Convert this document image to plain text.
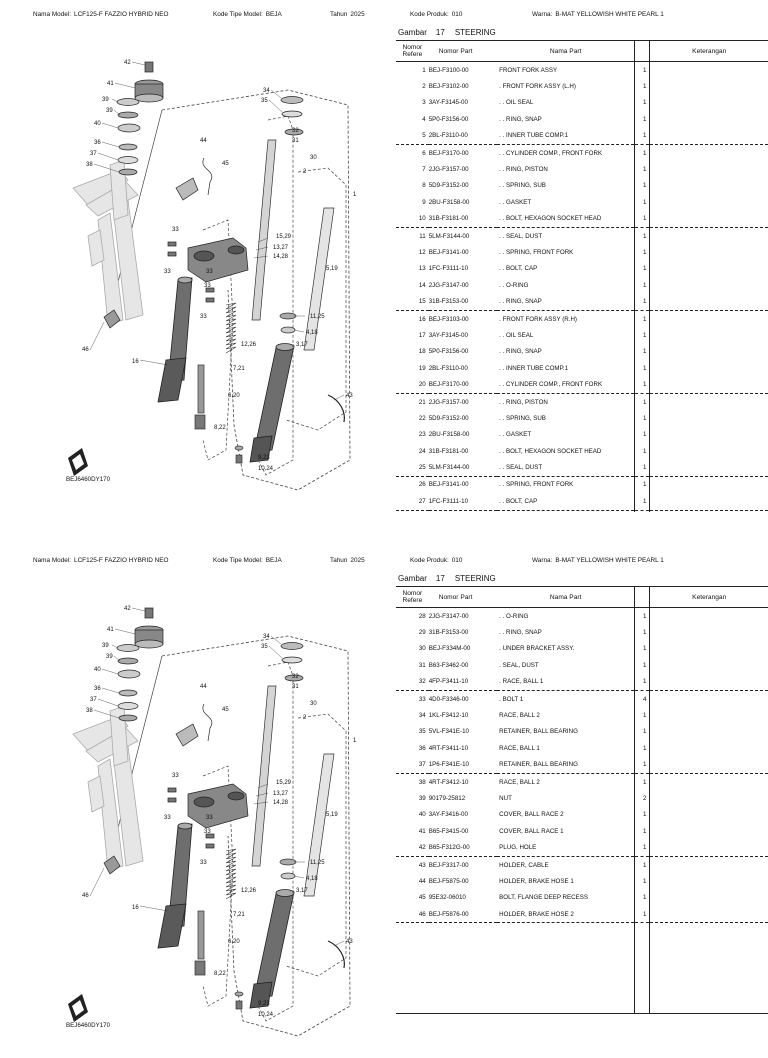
Nama Model: LCF125-F FAZZIO HYBRID NEO	Kode Tipe Model: BEJA	Tahun 2025	Kode Produk: 010	Warna: B-MAT YELLOWISH WHITE PEARL 1
Gambar 17 STEERING
1
2
3,17
4,18
5,19
6,20
7,21
8,22
9,23
10,24
11,25
12,26
13,27
14,28
15,29
16
30
31
32
33
33	33
33
33
34
35
36
37
38
39
39
40
41
42
43
44
45
46
BEJ6460DY170
Nomor
Refere	Nomor Part	Nama Part		Keterangan
1	BEJ-F3100-00	FRONT FORK ASSY	1	
2	BEJ-F3102-00	. FRONT FORK ASSY (L.H)	1	
3	3AY-F3145-00	. . OIL SEAL	1	
4	5P0-F3156-00	. . RING, SNAP	1	
5	2BL-F3110-00	. . INNER TUBE COMP.1	1	
6	BEJ-F3170-00	. . CYLINDER COMP., FRONT FORK	1	
7	2JG-F3157-00	. . RING, PISTON	1	
8	5D9-F3152-00	. . SPRING, SUB	1	
9	2BU-F3158-00	. . GASKET	1	
10	31B-F3181-00	. . BOLT, HEXAGON SOCKET HEAD	1	
11	5LM-F3144-00	. . SEAL, DUST	1	
12	BEJ-F3141-00	. . SPRING, FRONT FORK	1	
13	1FC-F3111-10	. . BOLT, CAP	1	
14	2JG-F3147-00	. . O-RING	1	
15	31B-F3153-00	. . RING, SNAP	1	
16	BEJ-F3103-00	. FRONT FORK ASSY (R.H)	1	
17	3AY-F3145-00	. . OIL SEAL	1	
18	5P0-F3156-00	. . RING, SNAP	1	
19	2BL-F3110-00	. . INNER TUBE COMP.1	1	
20	BEJ-F3170-00	. . CYLINDER COMP., FRONT FORK	1	
21	2JG-F3157-00	. . RING, PISTON	1	
22	5D9-F3152-00	. . SPRING, SUB	1	
23	2BU-F3158-00	. . GASKET	1	
24	31B-F3181-00	. . BOLT, HEXAGON SOCKET HEAD	1	
25	5LM-F3144-00	. . SEAL, DUST	1	
26	BEJ-F3141-00	. . SPRING, FRONT FORK	1	
27	1FC-F3111-10	. . BOLT, CAP	1	

Nama Model: LCF125-F FAZZIO HYBRID NEO	Kode Tipe Model: BEJA	Tahun 2025	Kode Produk: 010	Warna: B-MAT YELLOWISH WHITE PEARL 1
Gambar 17 STEERING
1
2
3,17
4,18
5,19
6,20
7,21
8,22
9,23
10,24
11,25
12,26
13,27
14,28
15,29
16
30
31
32
33
33	33
33
33
34
35
36
37
38
39
39
40
41
42
43
44
45
46
BEJ6460DY170
Nomor
Refere	Nomor Part	Nama Part		Keterangan
28	2JG-F3147-00	. . O-RING	1	
29	31B-F3153-00	. . RING, SNAP	1	
30	BEJ-F334M-00	. UNDER BRACKET ASSY.	1	
31	B63-F3462-00	. SEAL, DUST	1	
32	4FP-F3411-10	. RACE, BALL 1	1	
33	4D0-F3346-00	. BOLT 1	4	
34	1KL-F3412-10	RACE, BALL 2	1	
35	5VL-F341E-10	RETAINER, BALL BEARING	1	
36	4RT-F3411-10	RACE, BALL 1	1	
37	1P6-F341E-10	RETAINER, BALL BEARING	1	
38	4RT-F3412-10	RACE, BALL 2	1	
39	90179-25812	NUT	2	
40	3AY-F3416-00	COVER, BALL RACE 2	1	
41	B65-F3415-00	COVER, BALL RACE 1	1	
42	B65-F312G-00	PLUG, HOLE	1	
43	BEJ-F3317-00	HOLDER, CABLE	1	
44	BEJ-F5875-00	HOLDER, BRAKE HOSE 1	1	
45	95E32-06010	BOLT, FLANGE DEEP RECESS	1	
46	BEJ-F5876-00	HOLDER, BRAKE HOSE 2	1	
